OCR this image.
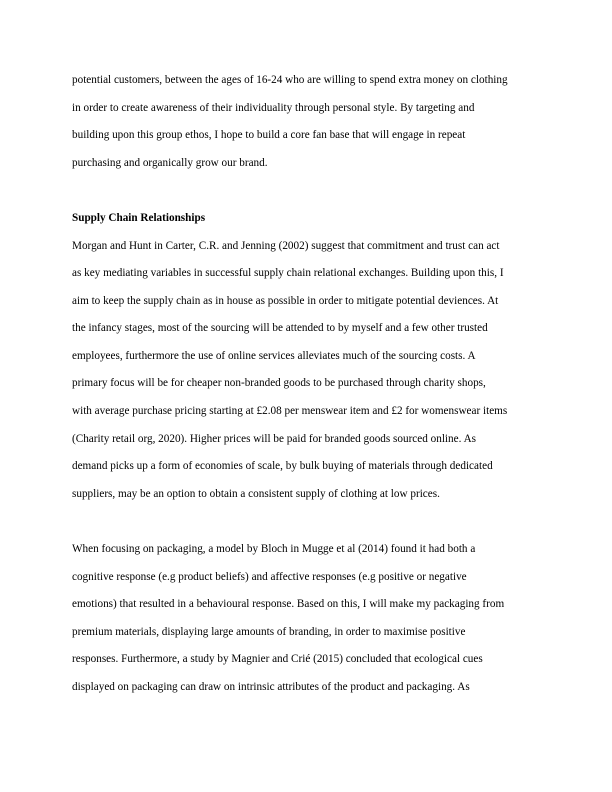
potential customers, between the ages of 16-24 who are willing to spend extra money on clothing

in order to create awareness of their individuality through personal style. By targeting and

building upon this group ethos, I hope to build a core fan base that will engage in repeat

purchasing and organically grow our brand.

Supply Chain Relationships

Morgan and Hunt in Carter, C.R. and Jenning (2002) suggest that commitment and trust can act

as key mediating variables in successful supply chain relational exchanges. Building upon this, I

aim to keep the supply chain as in house as possible in order to mitigate potential deviences. At

the infancy stages, most of the sourcing will be attended to by myself and a few other trusted

employees, furthermore the use of online services alleviates much of the sourcing costs. A

primary focus will be for cheaper non-branded goods to be purchased through charity shops,

with average purchase pricing starting at £2.08 per menswear item and £2 for womenswear items

(Charity retail org, 2020). Higher prices will be paid for branded goods sourced online. As

demand picks up a form of economies of scale, by bulk buying of materials through dedicated

suppliers, may be an option to obtain a consistent supply of clothing at low prices.

When focusing on packaging, a model by Bloch in Mugge et al (2014) found it had both a

cognitive response (e.g product beliefs) and affective responses (e.g positive or negative

emotions) that resulted in a behavioural response. Based on this, I will make my packaging from

premium materials, displaying large amounts of branding, in order to maximise positive

responses. Furthermore, a study by Magnier and Crié (2015) concluded that ecological cues

displayed on packaging can draw on intrinsic attributes of the product and packaging. As
